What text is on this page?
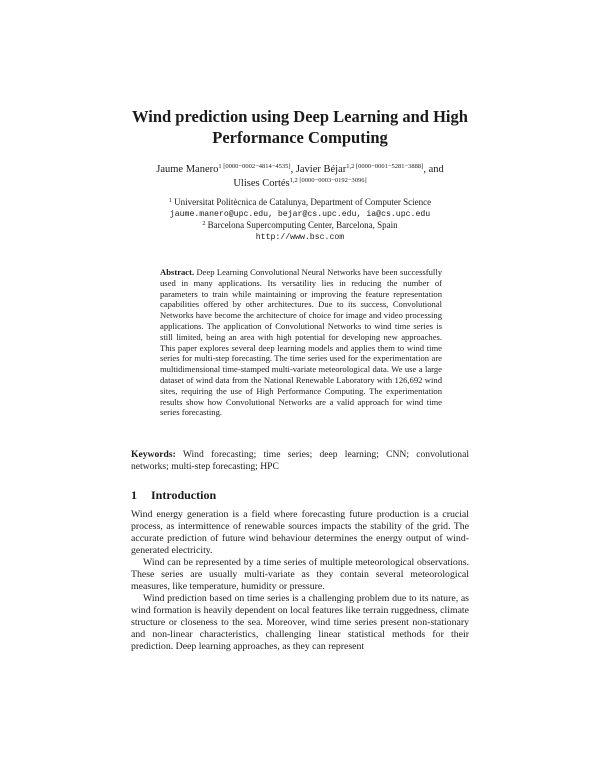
Wind prediction using Deep Learning and High Performance Computing
Jaume Manero$^{1 [0000-0002-4814-4535]}$, Javier Béjar$^{1,2 [0000-0001-5281-3888]}$, and
Ulises Cortés$^{1,2 [0000-0003-0192-3096]}$
$^1$ Universitat Politècnica de Catalunya, Department of Computer Science
jaume.manero@upc.edu, bejar@cs.upc.edu, ia@cs.upc.edu
$^2$ Barcelona Supercomputing Center, Barcelona, Spain
http://www.bsc.com
Abstract. Deep Learning Convolutional Neural Networks have been successfully used in many applications. Its versatility lies in reducing the number of parameters to train while maintaining or improving the feature representation capabilities offered by other architectures. Due to its success, Convolutional Networks have become the architecture of choice for image and video processing applications. The application of Convolutional Networks to wind time series is still limited, being an area with high potential for developing new approaches. This paper explores several deep learning models and applies them to wind time series for multi-step forecasting. The time series used for the experimentation are multidimensional time-stamped multi-variate meteorological data. We use a large dataset of wind data from the National Renewable Laboratory with 126,692 wind sites, requiring the use of High Performance Computing. The experimentation results show how Convolutional Networks are a valid approach for wind time series forecasting.
Keywords: Wind forecasting; time series; deep learning; CNN; convolutional networks; multi-step forecasting; HPC
1 Introduction

Wind energy generation is a field where forecasting future production is a crucial process, as intermittence of renewable sources impacts the stability of the grid. The accurate prediction of future wind behaviour determines the energy output of wind-generated electricity.

Wind can be represented by a time series of multiple meteorological observations. These series are usually multi-variate as they contain several meteorological measures, like temperature, humidity or pressure.

Wind prediction based on time series is a challenging problem due to its nature, as wind formation is heavily dependent on local features like terrain ruggedness, climate structure or closeness to the sea. Moreover, wind time series present non-stationary and non-linear characteristics, challenging linear statistical methods for their prediction. Deep learning approaches, as they can represent
